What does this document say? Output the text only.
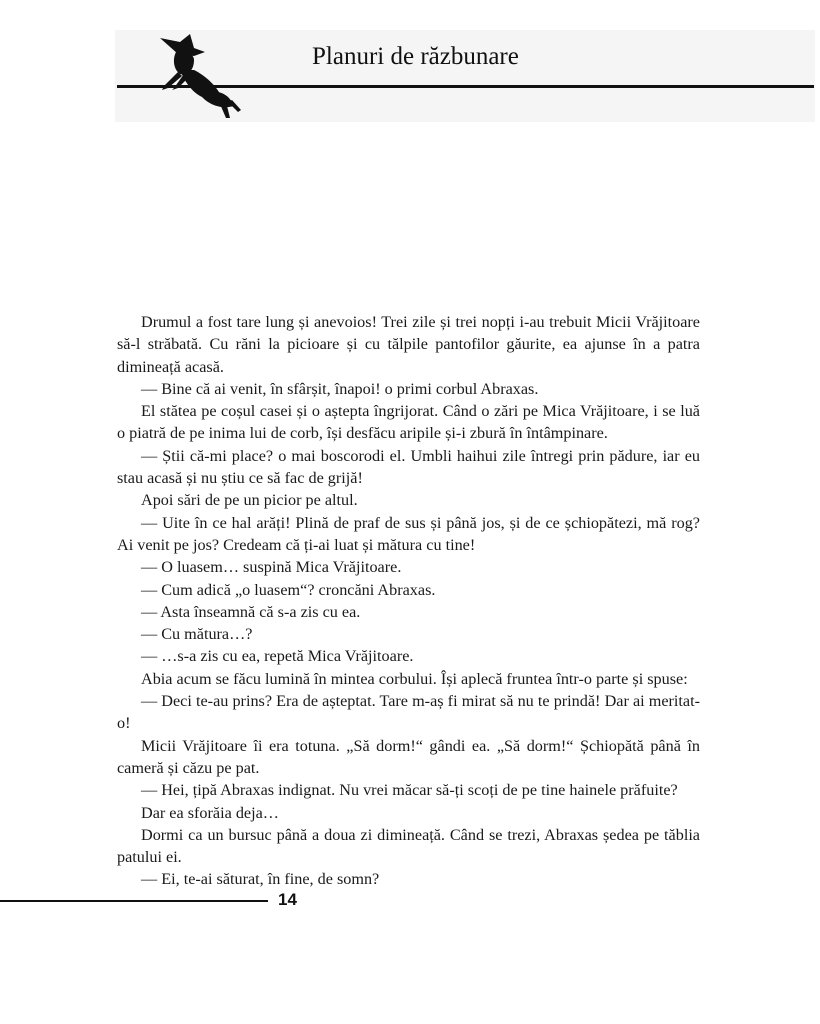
Planuri de răzbunare

Drumul a fost tare lung și anevoios! Trei zile și trei nopți i-au trebuit Micii Vrăjitoare să-l străbată. Cu răni la picioare și cu tălpile pantofilor găurite, ea ajunse în a patra dimineață acasă.

— Bine că ai venit, în sfârșit, înapoi! o primi corbul Abraxas.

El stătea pe coșul casei și o aștepta îngrijorat. Când o zări pe Mica Vrăjitoare, i se luă o piatră de pe inima lui de corb, își desfăcu aripile și-i zbură în întâmpinare.

— Știi că-mi place? o mai boscorodi el. Umbli haihui zile întregi prin pădure, iar eu stau acasă și nu știu ce să fac de grijă!

Apoi sări de pe un picior pe altul.

— Uite în ce hal arăți! Plină de praf de sus și până jos, și de ce șchiopătezi, mă rog? Ai venit pe jos? Credeam că ți-ai luat și mătura cu tine!

— O luasem… suspină Mica Vrăjitoare.

— Cum adică „o luasem“? croncăni Abraxas.

— Asta înseamnă că s-a zis cu ea.

— Cu mătura…?

— …s-a zis cu ea, repetă Mica Vrăjitoare.

Abia acum se făcu lumină în mintea corbului. Își aplecă fruntea într-o parte și spuse:

— Deci te-au prins? Era de așteptat. Tare m-aș fi mirat să nu te prindă! Dar ai meritat-o!

Micii Vrăjitoare îi era totuna. „Să dorm!“ gândi ea. „Să dorm!“ Șchiopătă până în cameră și căzu pe pat.

— Hei, țipă Abraxas indignat. Nu vrei măcar să-ți scoți de pe tine hainele prăfuite?

Dar ea sforăia deja…

Dormi ca un bursuc până a doua zi dimineață. Când se trezi, Abraxas ședea pe tăblia patului ei.

— Ei, te-ai săturat, în fine, de somn?

14
